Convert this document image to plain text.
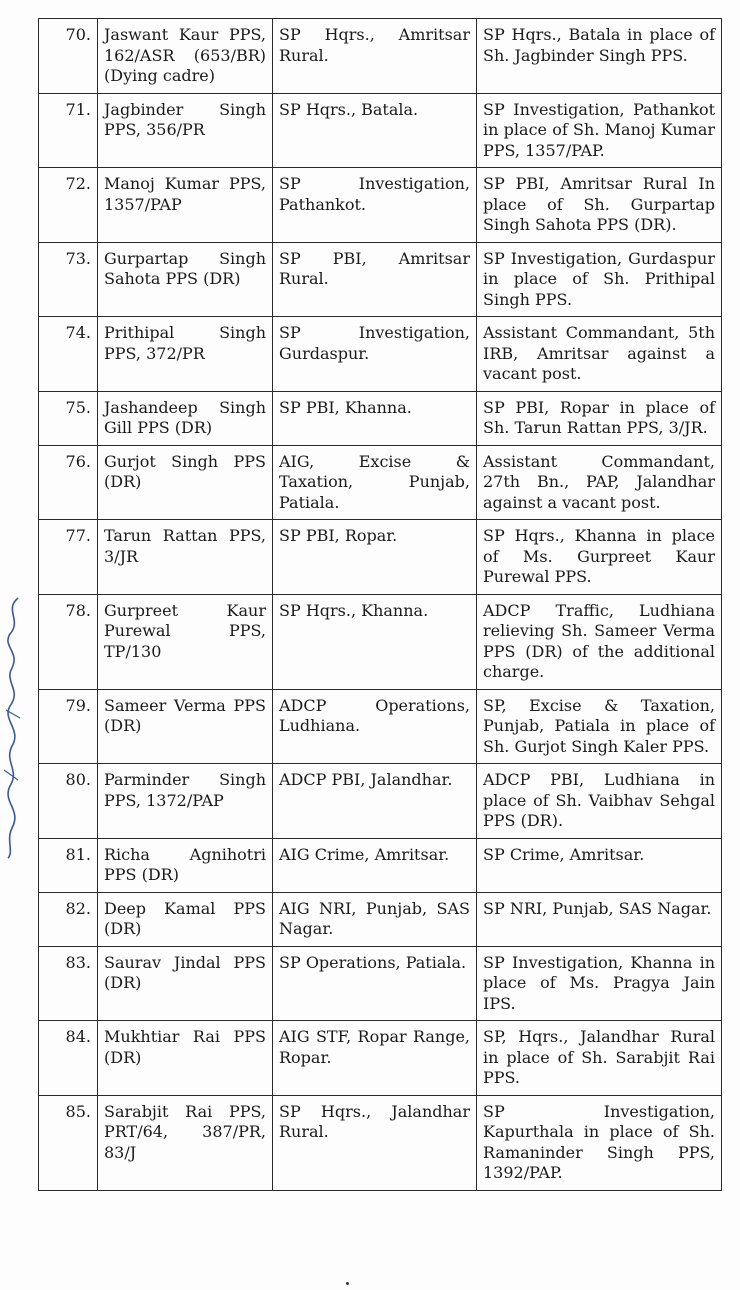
70.	Jaswant Kaur PPS, 162/ASR (653/BR) (Dying cadre)	SP Hqrs., Amritsar Rural.	SP Hqrs., Batala in place of Sh. Jagbinder Singh PPS.
71.	Jagbinder Singh PPS, 356/PR	SP Hqrs., Batala.	SP Investigation, Pathankot in place of Sh. Manoj Kumar PPS, 1357/PAP.
72.	Manoj Kumar PPS, 1357/PAP	SP Investigation, Pathankot.	SP PBI, Amritsar Rural In place of Sh. Gurpartap Singh Sahota PPS (DR).
73.	Gurpartap Singh Sahota PPS (DR)	SP PBI, Amritsar Rural.	SP Investigation, Gurdaspur in place of Sh. Prithipal Singh PPS.
74.	Prithipal Singh PPS, 372/PR	SP Investigation, Gurdaspur.	Assistant Commandant, 5th IRB, Amritsar against a vacant post.
75.	Jashandeep Singh Gill PPS (DR)	SP PBI, Khanna.	SP PBI, Ropar in place of Sh. Tarun Rattan PPS, 3/JR.
76.	Gurjot Singh PPS (DR)	AIG, Excise & Taxation, Punjab, Patiala.	Assistant Commandant, 27th Bn., PAP, Jalandhar against a vacant post.
77.	Tarun Rattan PPS, 3/JR	SP PBI, Ropar.	SP Hqrs., Khanna in place of Ms. Gurpreet Kaur Purewal PPS.
78.	Gurpreet Kaur Purewal PPS, TP/130	SP Hqrs., Khanna.	ADCP Traffic, Ludhiana relieving Sh. Sameer Verma PPS (DR) of the additional charge.
79.	Sameer Verma PPS (DR)	ADCP Operations, Ludhiana.	SP, Excise & Taxation, Punjab, Patiala in place of Sh. Gurjot Singh Kaler PPS.
80.	Parminder Singh PPS, 1372/PAP	ADCP PBI, Jalandhar.	ADCP PBI, Ludhiana in place of Sh. Vaibhav Sehgal PPS (DR).
81.	Richa Agnihotri PPS (DR)	AIG Crime, Amritsar.	SP Crime, Amritsar.
82.	Deep Kamal PPS (DR)	AIG NRI, Punjab, SAS Nagar.	SP NRI, Punjab, SAS Nagar.
83.	Saurav Jindal PPS (DR)	SP Operations, Patiala.	SP Investigation, Khanna in place of Ms. Pragya Jain IPS.
84.	Mukhtiar Rai PPS (DR)	AIG STF, Ropar Range, Ropar.	SP, Hqrs., Jalandhar Rural in place of Sh. Sarabjit Rai PPS.
85.	Sarabjit Rai PPS, PRT/64, 387/PR, 83/J	SP Hqrs., Jalandhar Rural.	SP Investigation, Kapurthala in place of Sh. Ramaninder Singh PPS, 1392/PAP.
